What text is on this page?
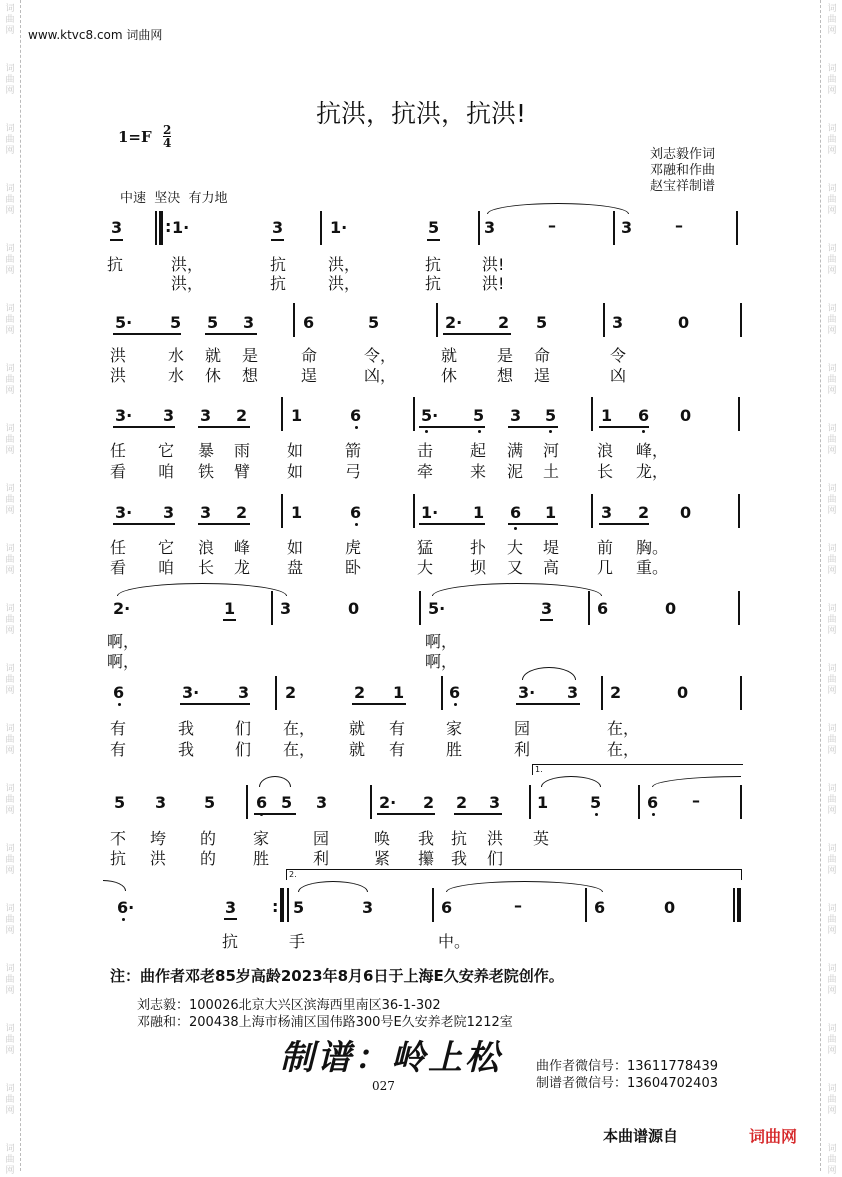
词
曲
网
词
曲
网
词
曲
网
词
曲
网
词
曲
网
词
曲
网
词
曲
网
词
曲
网
词
曲
网
词
曲
网
词
曲
网
词
曲
网
词
曲
网
词
曲
网
词
曲
网
词
曲
网
词
曲
网
词
曲
网
词
曲
网
词
曲
网
词
曲
网
词
曲
网
词
曲
网
词
曲
网
词
曲
网
词
曲
网
词
曲
网
词
曲
网
词
曲
网
词
曲
网
词
曲
网
词
曲
网
词
曲
网
词
曲
网
词
曲
网
词
曲
网
词
曲
网
词
曲
网
词
曲
网
词
曲
网
www.ktvc8.com 词曲网
抗洪，抗洪，抗洪!
$1=F \frac{2}{4}$
刘志毅作词
邓融和作曲
赵宝祥制谱
中速  坚决  有力地
3	: 1·	3	1·	5	3	–	3	–
抗	洪，	抗	洪，	抗	洪!
洪，	抗	洪，	抗	洪!
5· 5 5 3	6	5	2· 2 5	3	0
洪	水 就 是	命	令，	就 是 命	令
洪	水 休 想	逞	凶，	休 想 逞	凶
3· 3 3 2	1	6	5· 5 3 5	1 6 0
任 它 暴 雨 如	箭	击 起 满 河 浪 峰，
看 咱 铁 臂 如	弓	牵 来 泥 土 长 龙，
3· 3 3 2	1	6	1· 1 6 1	3 2 0
任 它 浪 峰 如	虎	猛 扑 大 堤 前 胸。
看 咱 长 龙 盘	卧	大 坝 又 高 几 重。
2·	1	3	0	5·	3	6	0
啊，	啊，
啊，	啊，
6	3· 3 2	2 1	6	3· 3 2	0
有	我	们 在， 就 有	家	园	在，
有	我	们 在， 就 有	胜	利	在，
1.
5 3 5	6 5 3	2· 2 2 3 1	5	6 –
不 垮 的 家	园	唤 我 抗 洪 英
抗 洪 的 胜	利	紧 攥 我 们
2.
6·	3 : 5	3	6	–	6	0
抗	手	中。
注：曲作者邓老85岁高龄2023年8月6日于上海E久安养老院创作。
刘志毅：100026北京大兴区滨海西里南区36-1-302
邓融和：200438上海市杨浦区国伟路300号E久安养老院1212室
制谱：岭上松	曲作者微信号：13611778439
制谱者微信号：13604702403
027
本曲谱源自	词曲网
